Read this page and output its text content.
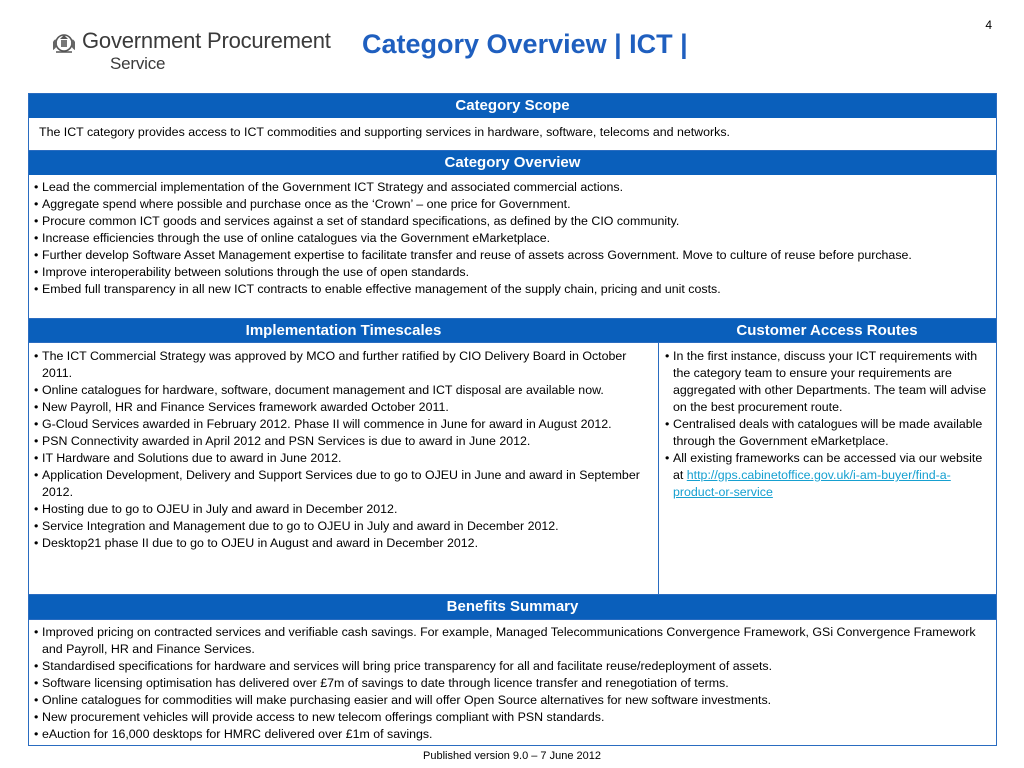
4
Government Procurement
Service
Category Overview | ICT |
Category Scope
The ICT category provides access to ICT commodities and supporting services in hardware, software, telecoms and networks.
Category Overview
• Lead the commercial implementation of the Government ICT Strategy and associated commercial actions.
• Aggregate spend where possible and purchase once as the ‘Crown’ – one price for Government.
• Procure common ICT goods and services against a set of standard specifications, as defined by the CIO community.
• Increase efficiencies through the use of online catalogues via the Government eMarketplace.
• Further develop Software Asset Management expertise to facilitate transfer and reuse of assets across Government. Move to culture of reuse before purchase.
• Improve interoperability between solutions through the use of open standards.
• Embed full transparency in all new ICT contracts to enable effective management of the supply chain, pricing and unit costs.
Implementation Timescales	Customer Access Routes
• The ICT Commercial Strategy was approved by MCO and further ratified by CIO Delivery Board in October 2011.
• Online catalogues for hardware, software, document management and ICT disposal are available now.
• New Payroll, HR and Finance Services framework awarded October 2011.
• G-Cloud Services awarded in February 2012. Phase II will commence in June for award in August 2012.
• PSN Connectivity awarded in April 2012 and PSN Services is due to award in June 2012.
• IT Hardware and Solutions due to award in June 2012.
• Application Development, Delivery and Support Services due to go to OJEU in June and award in September 2012.
• Hosting due to go to OJEU in July and award in December 2012.
• Service Integration and Management due to go to OJEU in July and award in December 2012.
• Desktop21 phase II due to go to OJEU in August and award in December 2012.
• In the first instance, discuss your ICT requirements with the category team to ensure your requirements are aggregated with other Departments. The team will advise on the best procurement route.
• Centralised deals with catalogues will be made available through the Government eMarketplace.
• All existing frameworks can be accessed via our website at http://gps.cabinetoffice.gov.uk/i-am-buyer/find-a-product-or-service
Benefits Summary
• Improved pricing on contracted services and verifiable cash savings. For example, Managed Telecommunications Convergence Framework, GSi Convergence Framework and Payroll, HR and Finance Services.
• Standardised specifications for hardware and services will bring price transparency for all and facilitate reuse/redeployment of assets.
• Software licensing optimisation has delivered over £7m of savings to date through licence transfer and renegotiation of terms.
• Online catalogues for commodities will make purchasing easier and will offer Open Source alternatives for new software investments.
• New procurement vehicles will provide access to new telecom offerings compliant with PSN standards.
• eAuction for 16,000 desktops for HMRC delivered over £1m of savings.
Published version 9.0 – 7 June 2012
